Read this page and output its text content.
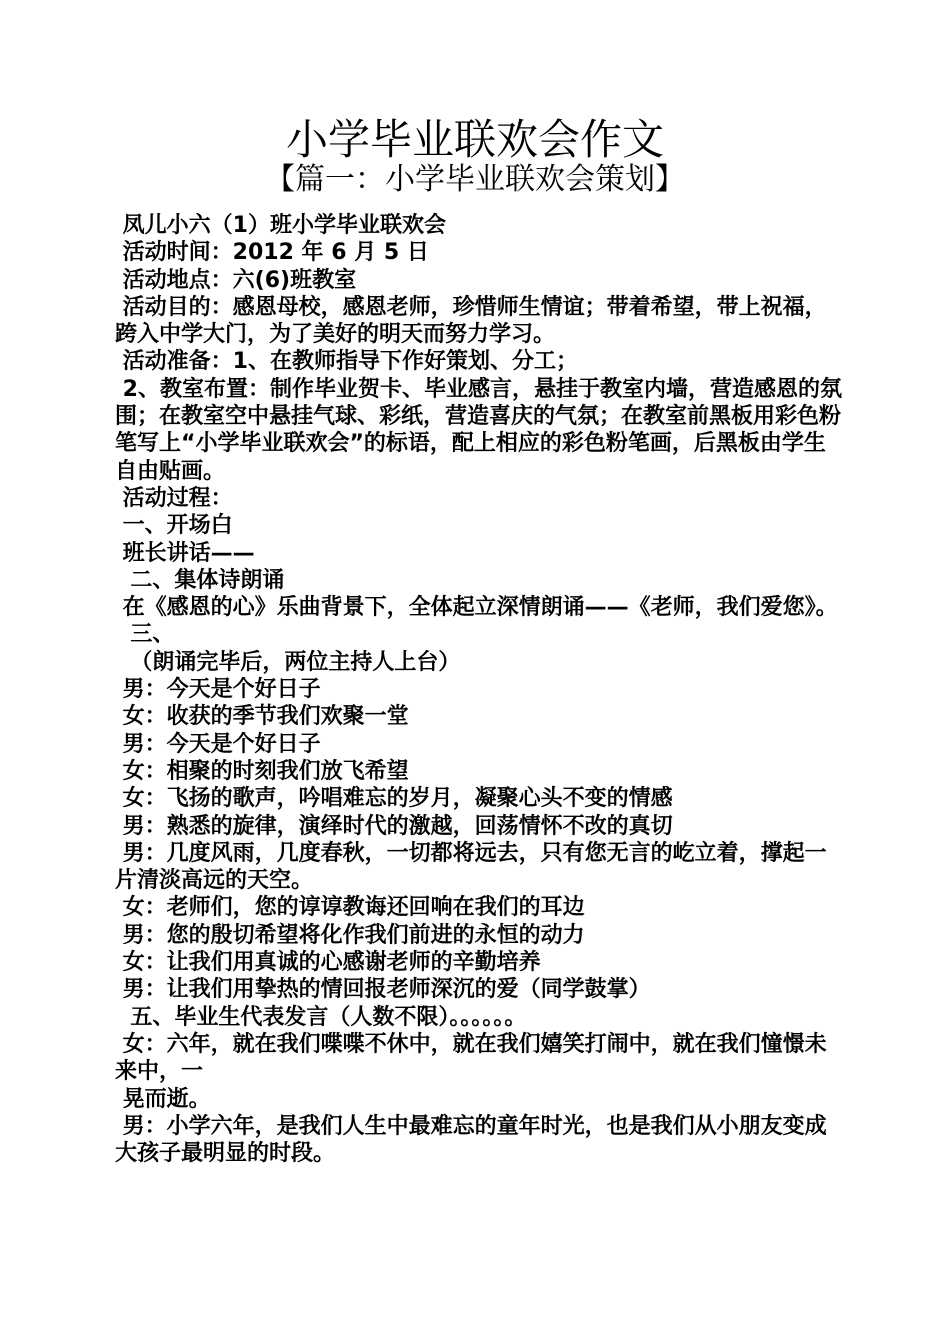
小学毕业联欢会作文
【篇一：小学毕业联欢会策划】

凤儿小六（1）班小学毕业联欢会

活动时间：2012 年 6 月 5 日

活动地点：六(6)班教室

活动目的：感恩母校，感恩老师，珍惜师生情谊；带着希望，带上祝福，跨入中学大门，为了美好的明天而努力学习。

活动准备：1、在教师指导下作好策划、分工；

2、教室布置：制作毕业贺卡、毕业感言，悬挂于教室内墙，营造感恩的氛围；在教室空中悬挂气球、彩纸，营造喜庆的气氛；在教室前黑板用彩色粉笔写上“小学毕业联欢会”的标语，配上相应的彩色粉笔画，后黑板由学生自由贴画。

活动过程：

一、开场白

班长讲话——

二、集体诗朗诵

在《感恩的心》乐曲背景下，全体起立深情朗诵——《老师，我们爱您》。

三、

（朗诵完毕后，两位主持人上台）

男：今天是个好日子

女：收获的季节我们欢聚一堂

男：今天是个好日子

女：相聚的时刻我们放飞希望

女：飞扬的歌声，吟唱难忘的岁月，凝聚心头不变的情感

男：熟悉的旋律，演绎时代的激越，回荡情怀不改的真切

男：几度风雨，几度春秋，一切都将远去，只有您无言的屹立着，撑起一片清淡高远的天空。

女：老师们，您的谆谆教诲还回响在我们的耳边

男：您的殷切希望将化作我们前进的永恒的动力

女：让我们用真诚的心感谢老师的辛勤培养

男：让我们用挚热的情回报老师深沉的爱（同学鼓掌）

五、毕业生代表发言（人数不限）。。。。。。

女：六年，就在我们喋喋不休中，就在我们嬉笑打闹中，就在我们憧憬未来中，一

晃而逝。

男：小学六年，是我们人生中最难忘的童年时光，也是我们从小朋友变成大孩子最明显的时段。
